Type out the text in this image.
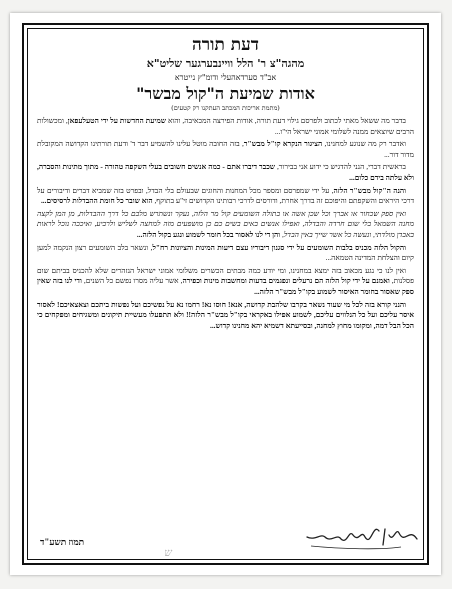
דעת תורה
מהגה"צ ר' הלל וויינבערגער שליט"א
אב"ד סערדאהעלי ודומ"ץ נייטרא
אודות שמיעת ה"קול מבשר"
(מתמת אריכות המכתב העתקנו רק קטעים)

בדבר מה ששאל מאתי לכתוב ולפרסם גילוי דעת תורה, אודות הפירצה המכאיבה, והוא שמיעת החדשות על ידי הטעלעפאן, ומכשולות הרבים שיוצאים ממנה לשלומי אמוני ישראל הי"ו...

ואדבר רק מה שנוגע למחנינו, הציגור הנקרא קו"ל מבש"ר, בזה החובה מוטל עלינו להשמיע דבר ד' ודעת תורתינו הקדושה המקובלת מדור דור...

בראשית דברי, הנני להדגיש כי ידוע אני בבירור, שכבר דיברו אתם - כמה אנשים חשובים בעלי השקפה טהורה - מתוך מתינות והסברה, ולא עלתה בידם כלום...

והנה ה"קול מבש"ר הלזה, על ידי שמפרסם ומספר מכל המחנות והחוגים שבעולם בלי הבדל, ובפרט בזה שמביא דברים ודיבורים על דרכי היראים והשקפתם והיפוכם זה בדרך אחרת, ודורסים לדרכי רבותינו הקדושים זי"ע בתוקף, הוא שובר כל חומת ההבדלות לרסיסים...

ואין ספק שכחור או אברך וכל שכן אשה או בתולה השומעים קול מר הלזה, נעקר ונשתרש מלבם כל דרך ההבדלות, מן המן לקצה מחנה השמאל בלי שום חרדה והבדלה, ואפילו אנשים באים בשים כם כן מושפעים מזה למחצה לשליש ולרביע, ואיככה נוכל לראות באבדן מולדתי, ונעשה כל אשר שייך באין הבדל, והן די לנו לאסור בכל חומר לשמוע ונגע בקול הלזה...

והקול הלזה מכניס בלבות השומעים על ידי סגנון דיבוריו עצם דיעות המינות והציונות רח"ל, ונשאר בלב השומעים רצון הנקמה למען קיום והצלחת המדינה הטמאה...

ואין לנו כי נגע מכאוב בזה ימצא במחנינו, ומי יודע כמה מבתים הכשרים משלומי אמוני ישראל הנזהרים שלא להכניס בביתם שום פסלנות, ואמנם על ידי קול הלזה הם נרעלים ונפגמים בדעות ומחשבות מינות וכפירה, אשר עליה מסרו נפשם כל השנים, ודי לנו בזה שאין ספק שאסור בחומר האיסור לשמוע בקו"ל מבש"ר הלזה...

והנני קורא בזה לכל מי שעוד נשאר בקרבו שלהבת קדושה, אנא! חוסו נא! רחמו נא על נפשיכם ועל נפשות ביתכם וצאצאיכם! לאסור איסר עליכם ועל כל הנלווים עליכם, לשמוע אפילו באקראי בקו"ל מבש"ר הלזה!! ולא תתפעלו מעשיית תיקונים ומשגיחים ומפקחים כי הכל הבל דמה, ומקומו מחוץ למחנה, ובסייעתא דשמיא יהא מחנינו קדוש...

תמוז תשע"ד
ש
